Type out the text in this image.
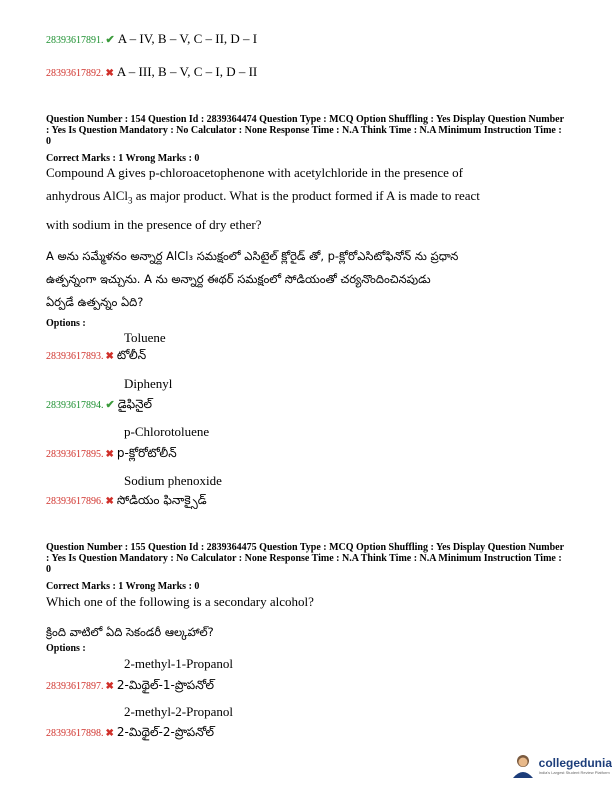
28393617891. ✔ A – IV, B – V, C – II, D – I
28393617892. ✖ A – III, B – V, C – I, D – II
Question Number : 154 Question Id : 2839364474 Question Type : MCQ Option Shuffling : Yes Display Question Number : Yes Is Question Mandatory : No Calculator : None Response Time : N.A Think Time : N.A Minimum Instruction Time : 0
Correct Marks : 1 Wrong Marks : 0
Compound A gives p-chloroacetophenone with acetylchloride in the presence of
anhydrous AlCl$_3$ as major product. What is the product formed if A is made to react
with sodium in the presence of dry ether?
A అను సమ్మేళనం అన్నార్ద AlCl₃ సమక్షంలో ఎసిటైల్ క్లోరైడ్ తో, p-క్లోరోఎసిటోఫినోన్ ను ప్రధాన
ఉత్పన్నంగా ఇచ్చును. A ను అన్నార్ద ఈథర్ సమక్షంలో సోడియంతో చర్యనొందించినపుడు
ఏర్పడే ఉత్పన్నం ఏది?
Options :
Toluene
28393617893. ✖ టోలీన్
Diphenyl
28393617894. ✔ డైఫినైల్
p-Chlorotoluene
28393617895. ✖ p-క్లోరోటోలీన్
Sodium phenoxide
28393617896. ✖ సోడియం ఫినాక్సైడ్
Question Number : 155 Question Id : 2839364475 Question Type : MCQ Option Shuffling : Yes Display Question Number : Yes Is Question Mandatory : No Calculator : None Response Time : N.A Think Time : N.A Minimum Instruction Time : 0
Correct Marks : 1 Wrong Marks : 0
Which one of the following is a secondary alcohol?
క్రింది వాటిలో ఏది సెకండరీ ఆల్కహాల్?
Options :
2-methyl-1-Propanol
28393617897. ✖ 2-మిథైల్-1-ప్రొపనోల్
2-methyl-2-Propanol
28393617898. ✖ 2-మిథైల్-2-ప్రొపనోల్
collegedunia
India's Largest Student Review Platform
